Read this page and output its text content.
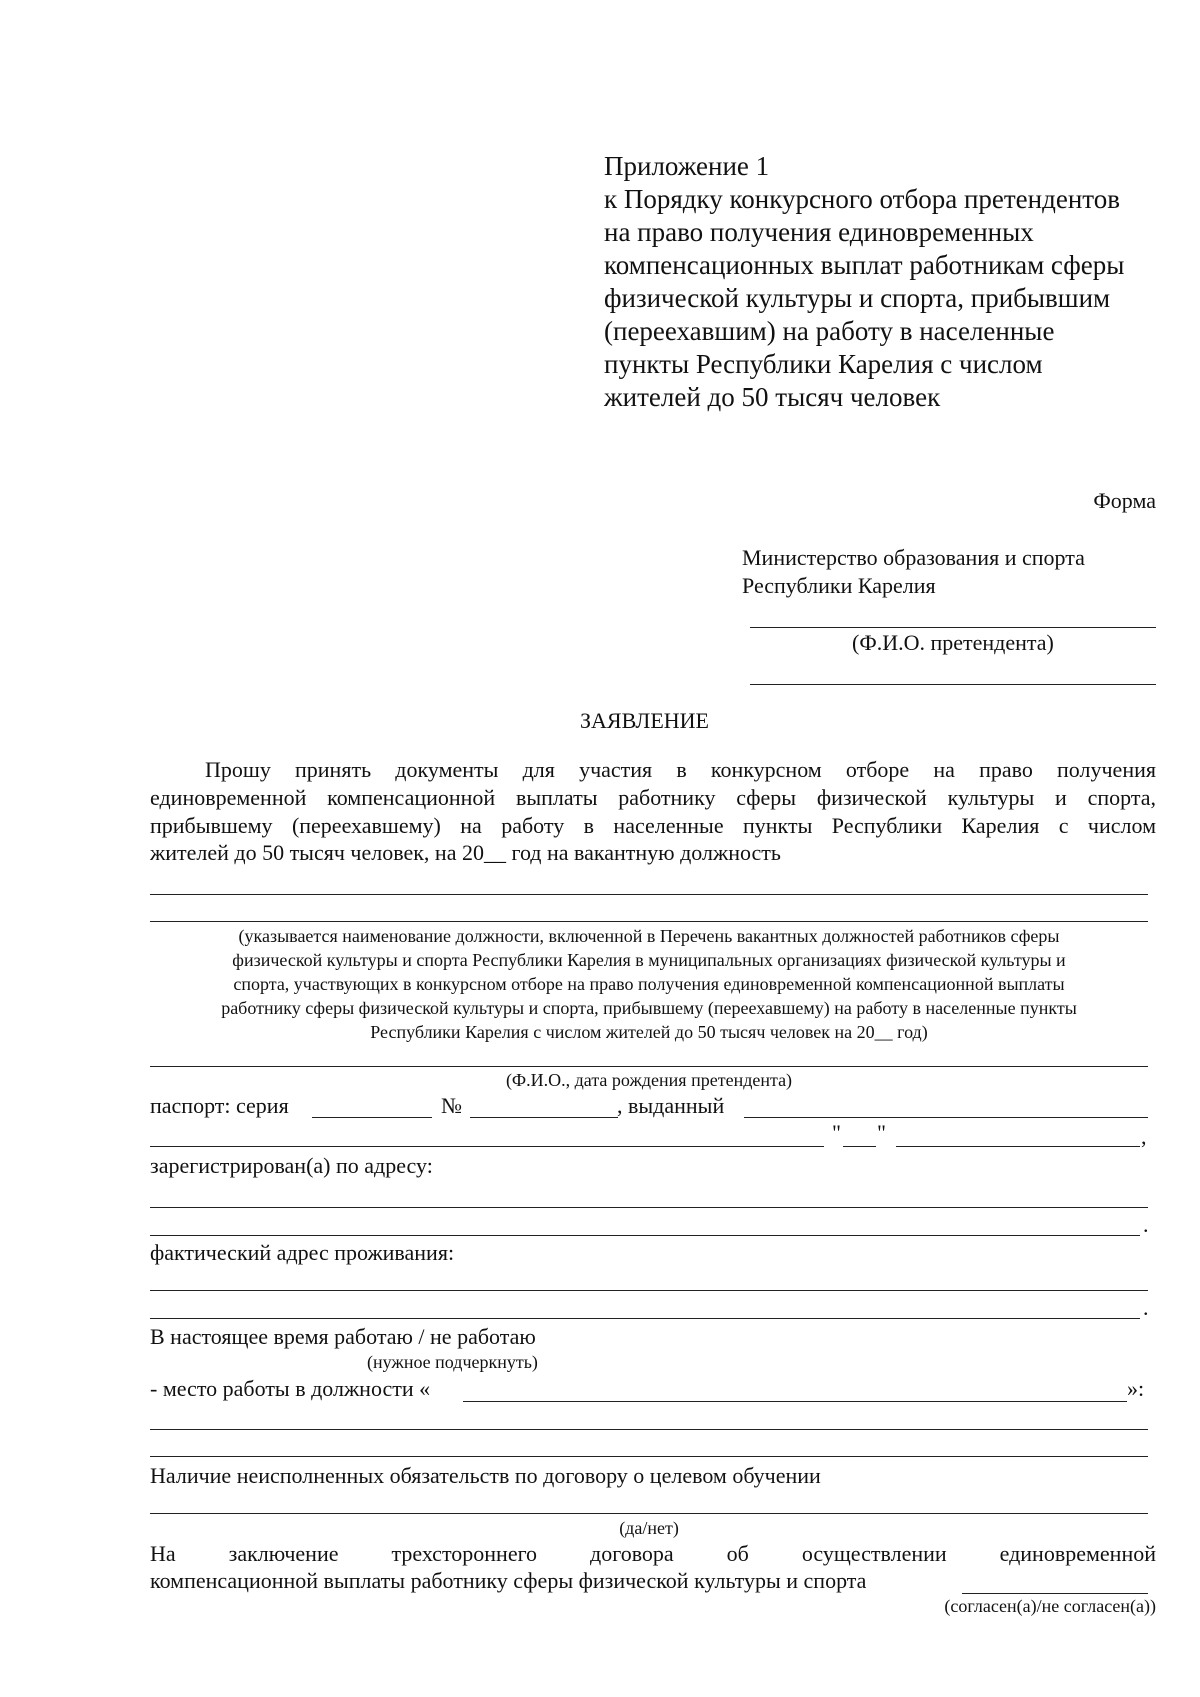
Приложение 1
к Порядку конкурсного отбора претендентов
на право получения единовременных
компенсационных выплат работникам сферы
физической культуры и спорта, прибывшим
(переехавшим) на работу в населенные
пункты Республики Карелия с числом
жителей до 50 тысяч человек
Форма
Министерство образования и спорта
Республики Карелия
(Ф.И.О. претендента)
ЗАЯВЛЕНИЕ
Прошу принять документы для участия в конкурсном отборе на право получения
единовременной компенсационной выплаты работнику сферы физической культуры и спорта,
прибывшему (переехавшему) на работу в населенные пункты Республики Карелия с числом
жителей до 50 тысяч человек, на 20__ год на вакантную должность
(указывается наименование должности, включенной в Перечень вакантных должностей работников сферы
физической культуры и спорта Республики Карелия в муниципальных организациях физической культуры и
спорта, участвующих в конкурсном отборе на право получения единовременной компенсационной выплаты
работнику сферы физической культуры и спорта, прибывшему (переехавшему) на работу в населенные пункты
Республики Карелия с числом жителей до 50 тысяч человек на 20__ год)
(Ф.И.О., дата рождения претендента)
паспорт: серия	№	, выданный
" "	,
зарегистрирован(а) по адресу:
.
фактический адрес проживания:
.
В настоящее время работаю / не работаю
(нужное подчеркнуть)
- место работы в должности «	»:
Наличие неисполненных обязательств по договору о целевом обучении
(да/нет)
На заключение трехстороннего договора об осуществлении единовременной
компенсационной выплаты работнику сферы физической культуры и спорта
(согласен(а)/не согласен(а))
